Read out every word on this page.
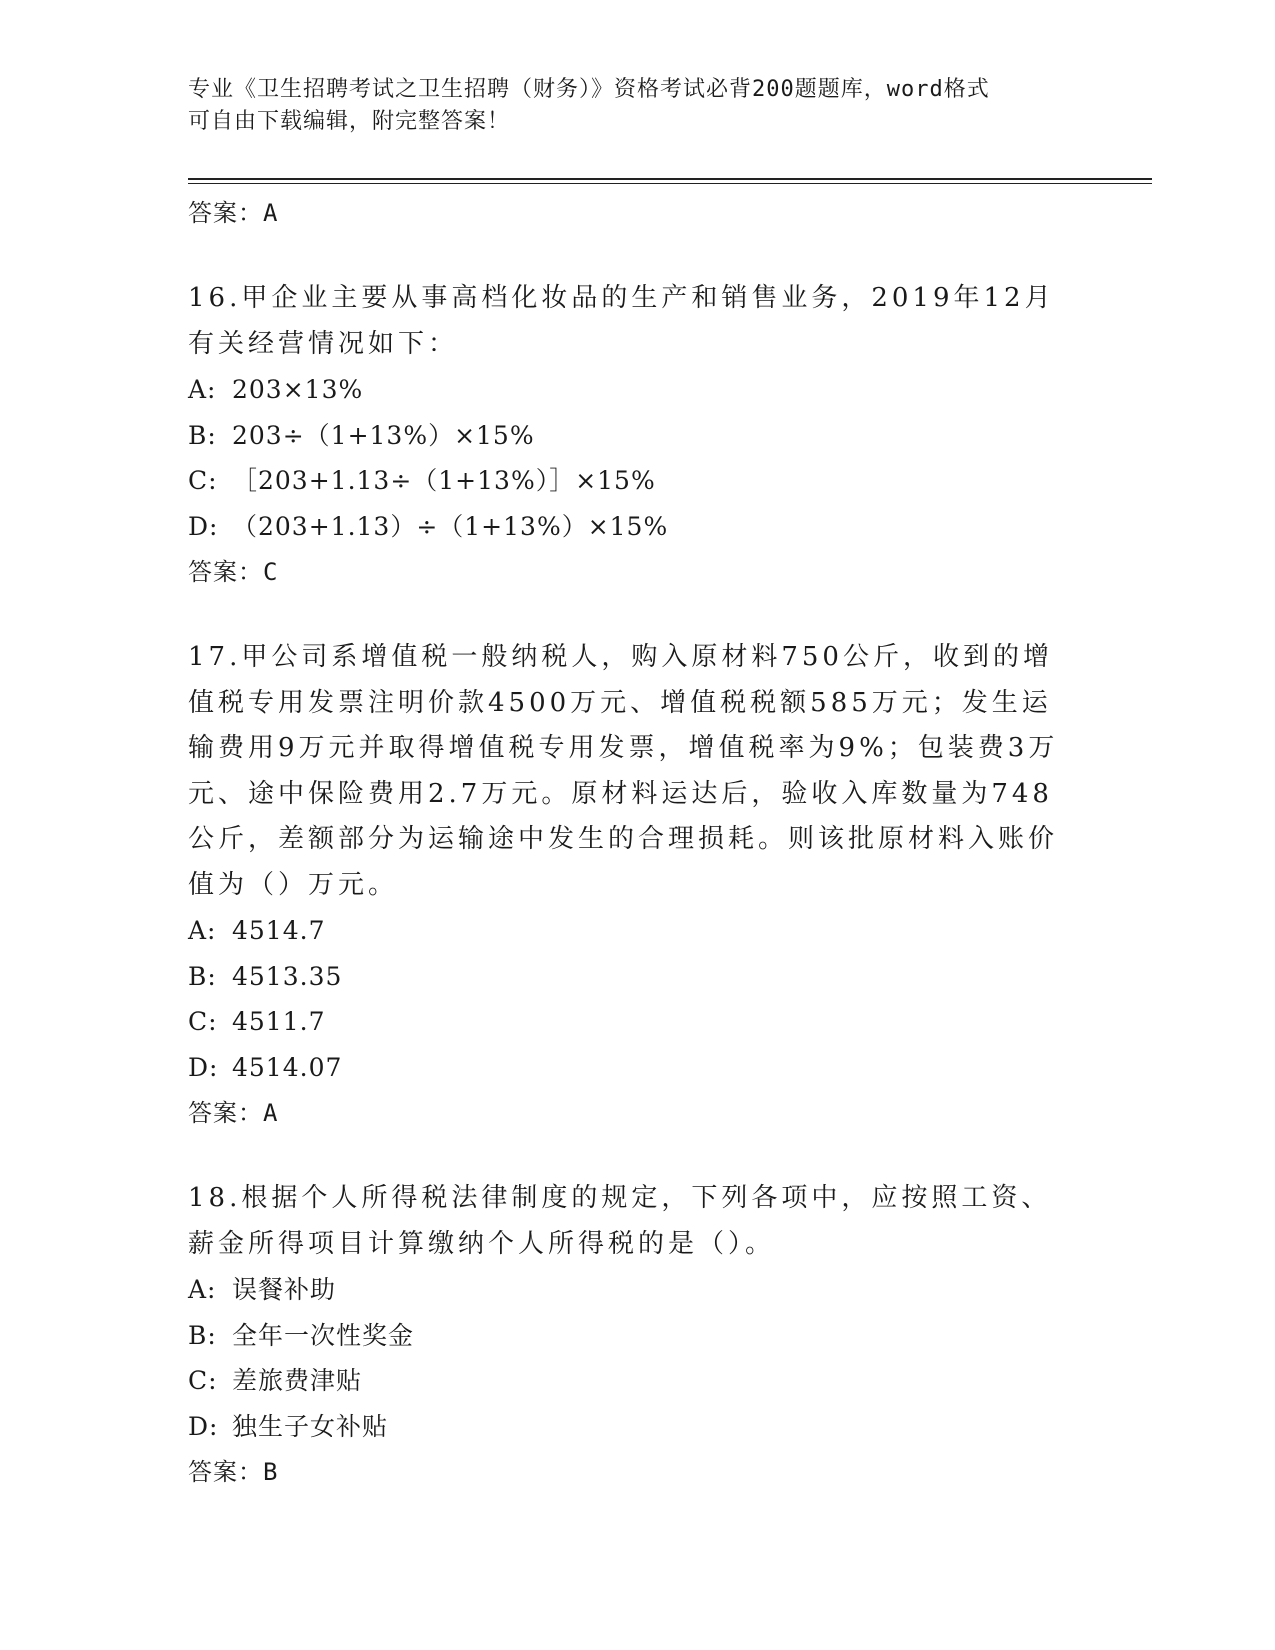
专业《卫生招聘考试之卫生招聘（财务）》资格考试必背200题题库，word格式
可自由下载编辑，附完整答案！
答案：A

16.甲企业主要从事高档化妆品的生产和销售业务，2019年12月有关经营情况如下：

A: 203×13%
B: 203÷（1+13%）×15%
C: ［203+1.13÷（1+13%）］×15%
D: （203+1.13）÷（1+13%）×15%
答案：C

17.甲公司系增值税一般纳税人，购入原材料750公斤，收到的增值税专用发票注明价款4500万元、增值税税额585万元；发生运输费用9万元并取得增值税专用发票，增值税率为9%；包装费3万元、途中保险费用2.7万元。原材料运达后，验收入库数量为748公斤，差额部分为运输途中发生的合理损耗。则该批原材料入账价值为（）万元。

A: 4514.7
B: 4513.35
C: 4511.7
D: 4514.07
答案：A

18.根据个人所得税法律制度的规定，下列各项中，应按照工资、薪金所得项目计算缴纳个人所得税的是（）。

A: 误餐补助
B: 全年一次性奖金
C: 差旅费津贴
D: 独生子女补贴
答案：B
